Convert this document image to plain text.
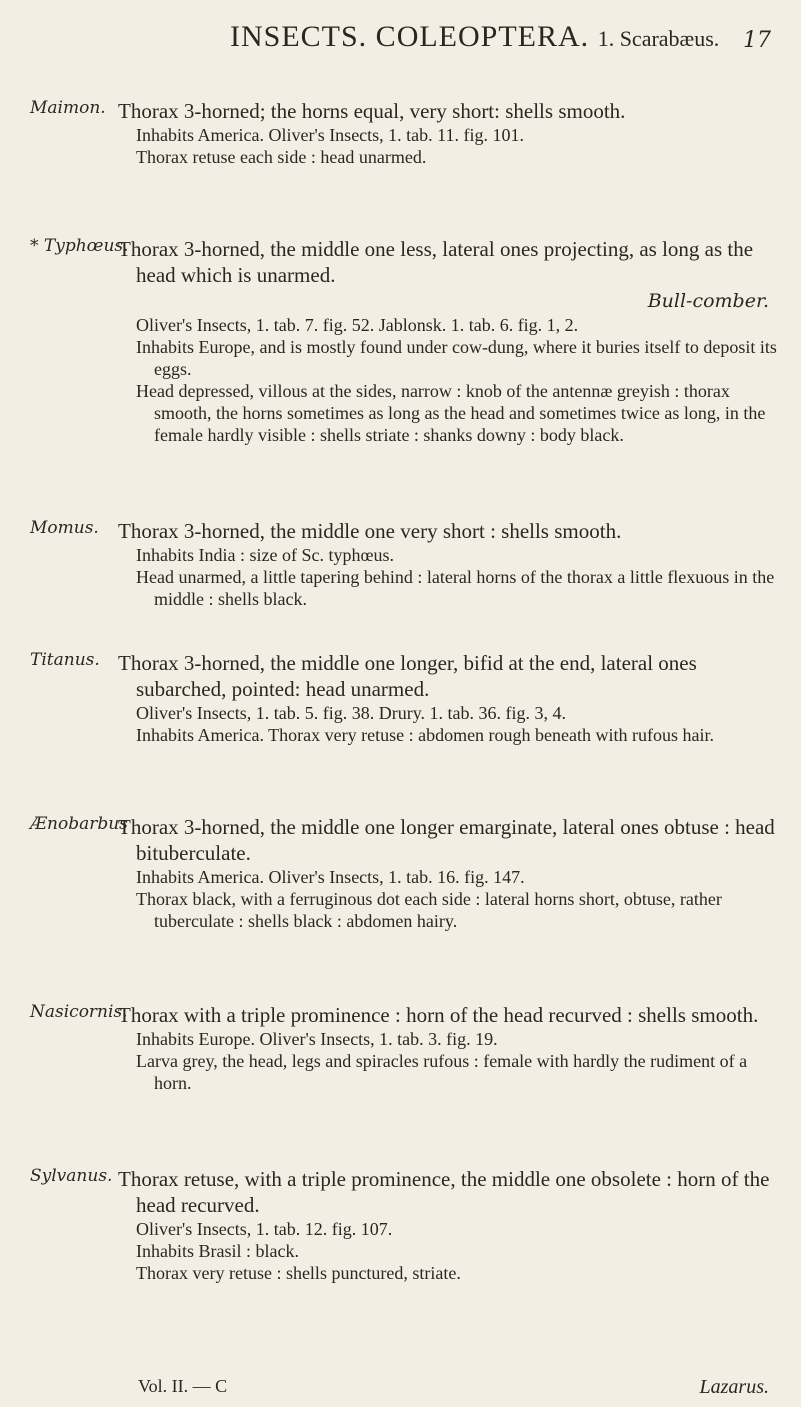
INSECTS. COLEOPTERA. 1. Scarabæus. 17
Maimon. Thorax 3-horned; the horns equal, very short: shells smooth.

Inhabits America. Oliver's Insects, 1. tab. 11. fig. 101.

Thorax retuse each side : head unarmed.

* Typhœus.

Thorax 3-horned, the middle one less, lateral ones projecting, as long as the head which is unarmed.

Bull-comber.

Oliver's Insects, 1. tab. 7. fig. 52. Jablonsk. 1. tab. 6. fig. 1, 2.

Inhabits Europe, and is mostly found under cow-dung, where it buries itself to deposit its eggs.

Head depressed, villous at the sides, narrow : knob of the antennæ greyish : thorax smooth, the horns sometimes as long as the head and sometimes twice as long, in the female hardly visible : shells striate : shanks downy : body black.

Momus. Thorax 3-horned, the middle one very short : shells smooth.

Inhabits India : size of Sc. typhœus.

Head unarmed, a little tapering behind : lateral horns of the thorax a little flexuous in the middle : shells black.

Titanus. Thorax 3-horned, the middle one longer, bifid at the end, lateral ones subarched, pointed: head unarmed.

Oliver's Insects, 1. tab. 5. fig. 38. Drury. 1. tab. 36. fig. 3, 4.

Inhabits America. Thorax very retuse : abdomen rough beneath with rufous hair.

Ænobarbus

Thorax 3-horned, the middle one longer emarginate, lateral ones obtuse : head bituberculate.

Inhabits America. Oliver's Insects, 1. tab. 16. fig. 147.

Thorax black, with a ferruginous dot each side : lateral horns short, obtuse, rather tuberculate : shells black : abdomen hairy.

Nasicornis.

Thorax with a triple prominence : horn of the head recurved : shells smooth.

Inhabits Europe. Oliver's Insects, 1. tab. 3. fig. 19.

Larva grey, the head, legs and spiracles rufous : female with hardly the rudiment of a horn.

Sylvanus. Thorax retuse, with a triple prominence, the middle one obsolete : horn of the head recurved.

Oliver's Insects, 1. tab. 12. fig. 107.

Inhabits Brasil : black.

Thorax very retuse : shells punctured, striate.

Vol. II. — C	Lazarus.
